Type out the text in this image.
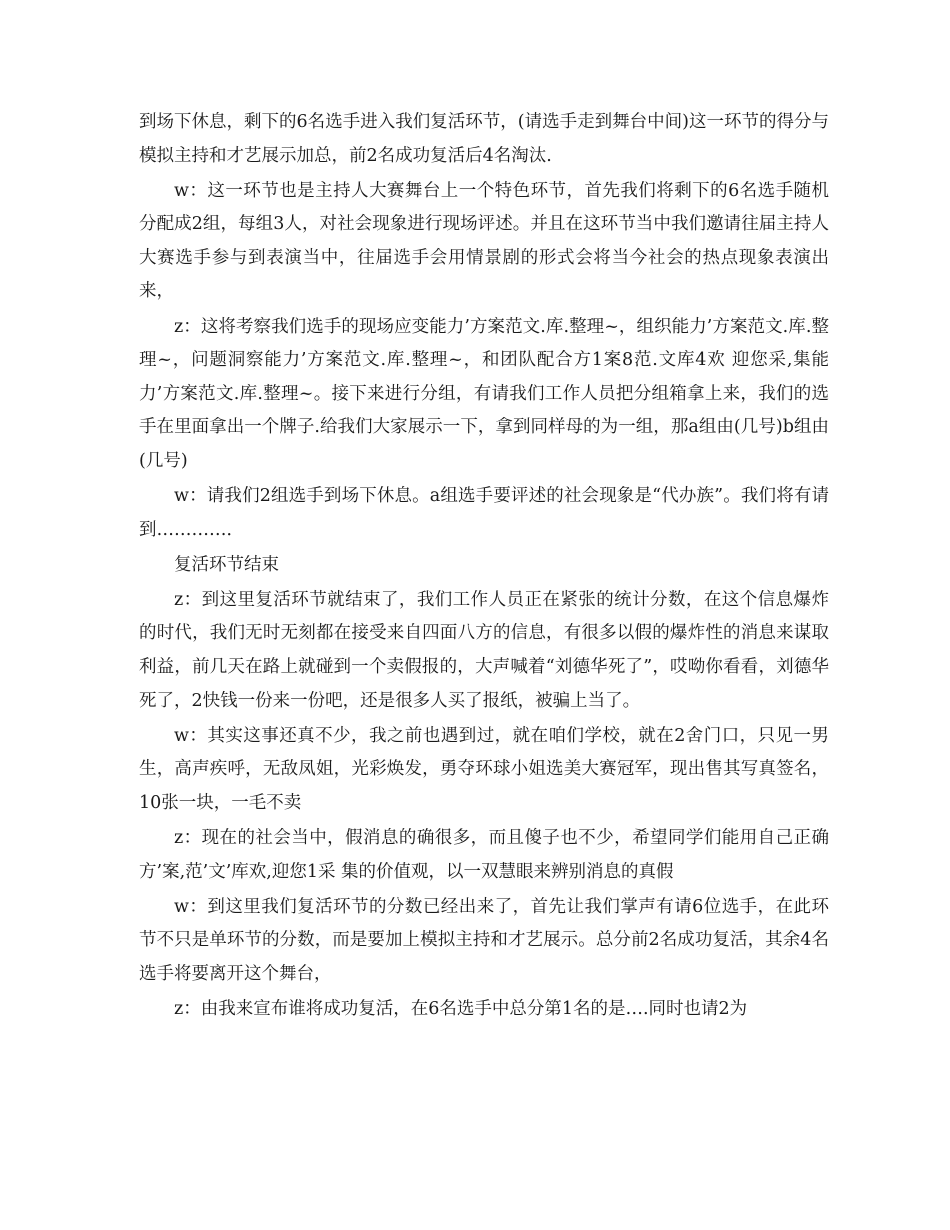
到场下休息，剩下的6名选手进入我们复活环节，(请选手走到舞台中间)这一环节的得分与模拟主持和才艺展示加总，前2名成功复活后4名淘汰.

w：这一环节也是主持人大赛舞台上一个特色环节，首先我们将剩下的6名选手随机分配成2组，每组3人，对社会现象进行现场评述。并且在这环节当中我们邀请往届主持人大赛选手参与到表演当中，往届选手会用情景剧的形式会将当今社会的热点现象表演出来，

z：这将考察我们选手的现场应变能力’方案范文.库.整理~，组织能力’方案范文.库.整理~，问题洞察能力’方案范文.库.整理~，和团队配合方1案8范.文库4欢 迎您采,集能力’方案范文.库.整理~。接下来进行分组，有请我们工作人员把分组箱拿上来，我们的选手在里面拿出一个牌子.给我们大家展示一下，拿到同样母的为一组，那a组由(几号)b组由(几号)

w：请我们2组选手到场下休息。a组选手要评述的社会现象是“代办族”。我们将有请到…………．

复活环节结束

z：到这里复活环节就结束了，我们工作人员正在紧张的统计分数，在这个信息爆炸的时代，我们无时无刻都在接受来自四面八方的信息，有很多以假的爆炸性的消息来谋取利益，前几天在路上就碰到一个卖假报的，大声喊着“刘德华死了”，哎呦你看看，刘德华死了，2快钱一份来一份吧，还是很多人买了报纸，被骗上当了。

w：其实这事还真不少，我之前也遇到过，就在咱们学校，就在2舍门口，只见一男生，高声疾呼，无敌凤姐，光彩焕发，勇夺环球小姐选美大赛冠军，现出售其写真签名，10张一块，一毛不卖

z：现在的社会当中，假消息的确很多，而且傻子也不少，希望同学们能用自己正确方’案,范’文’库欢,迎您1采 集的价值观，以一双慧眼来辨别消息的真假

w：到这里我们复活环节的分数已经出来了，首先让我们掌声有请6位选手，在此环节不只是单环节的分数，而是要加上模拟主持和才艺展示。总分前2名成功复活，其余4名选手将要离开这个舞台，

z：由我来宣布谁将成功复活，在6名选手中总分第1名的是….同时也请2为
